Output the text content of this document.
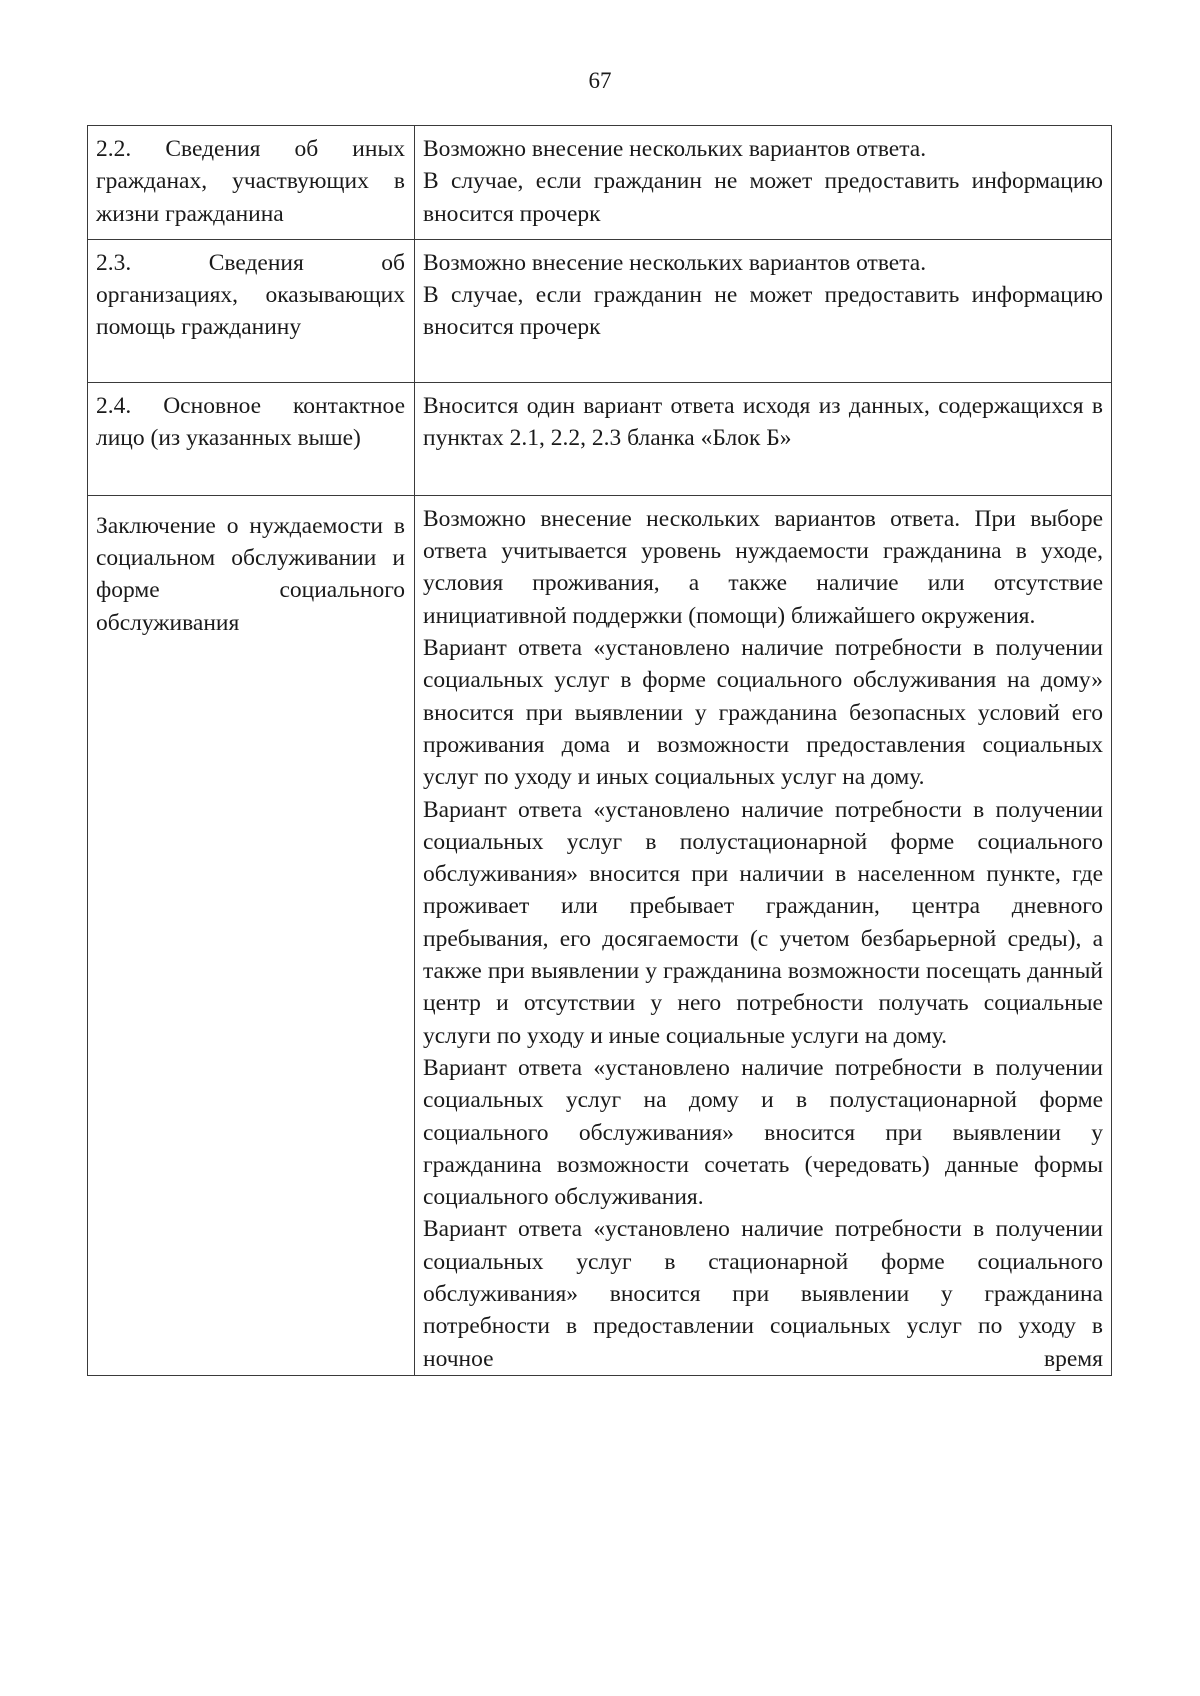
67

2.2. Сведения об иных гражданах, участвующих в жизни гражданина	Возможно внесение нескольких вариантов ответа.

В случае, если гражданин не может предоставить информацию вносится прочерк

2.3. Сведения об организациях, оказывающих помощь гражданину	Возможно внесение нескольких вариантов ответа.

В случае, если гражданин не может предоставить информацию вносится прочерк

2.4. Основное контактное лицо (из указанных выше)	Вносится один вариант ответа исходя из данных, содержащихся в пунктах 2.1, 2.2, 2.3 бланка «Блок Б»

Заключение о нуждаемости в социальном обслуживании и форме социального обслуживания	Возможно внесение нескольких вариантов ответа. При выборе ответа учитывается уровень нуждаемости гражданина в уходе, условия проживания, а также наличие или отсутствие инициативной поддержки (помощи) ближайшего окружения.

Вариант ответа «установлено наличие потребности в получении социальных услуг в форме социального обслуживания на дому» вносится при выявлении у гражданина безопасных условий его проживания дома и возможности предоставления социальных услуг по уходу и иных социальных услуг на дому.

Вариант ответа «установлено наличие потребности в получении социальных услуг в полустационарной форме социального обслуживания» вносится при наличии в населенном пункте, где проживает или пребывает гражданин, центра дневного пребывания, его досягаемости (с учетом безбарьерной среды), а также при выявлении у гражданина возможности посещать данный центр и отсутствии у него потребности получать социальные услуги по уходу и иные социальные услуги на дому.

Вариант ответа «установлено наличие потребности в получении социальных услуг на дому и в полустационарной форме социального обслуживания» вносится при выявлении у гражданина возможности сочетать (чередовать) данные формы социального обслуживания.

Вариант ответа «установлено наличие потребности в получении социальных услуг в стационарной форме социального обслуживания» вносится при выявлении у гражданина потребности в предоставлении социальных услуг по уходу в ночное время
